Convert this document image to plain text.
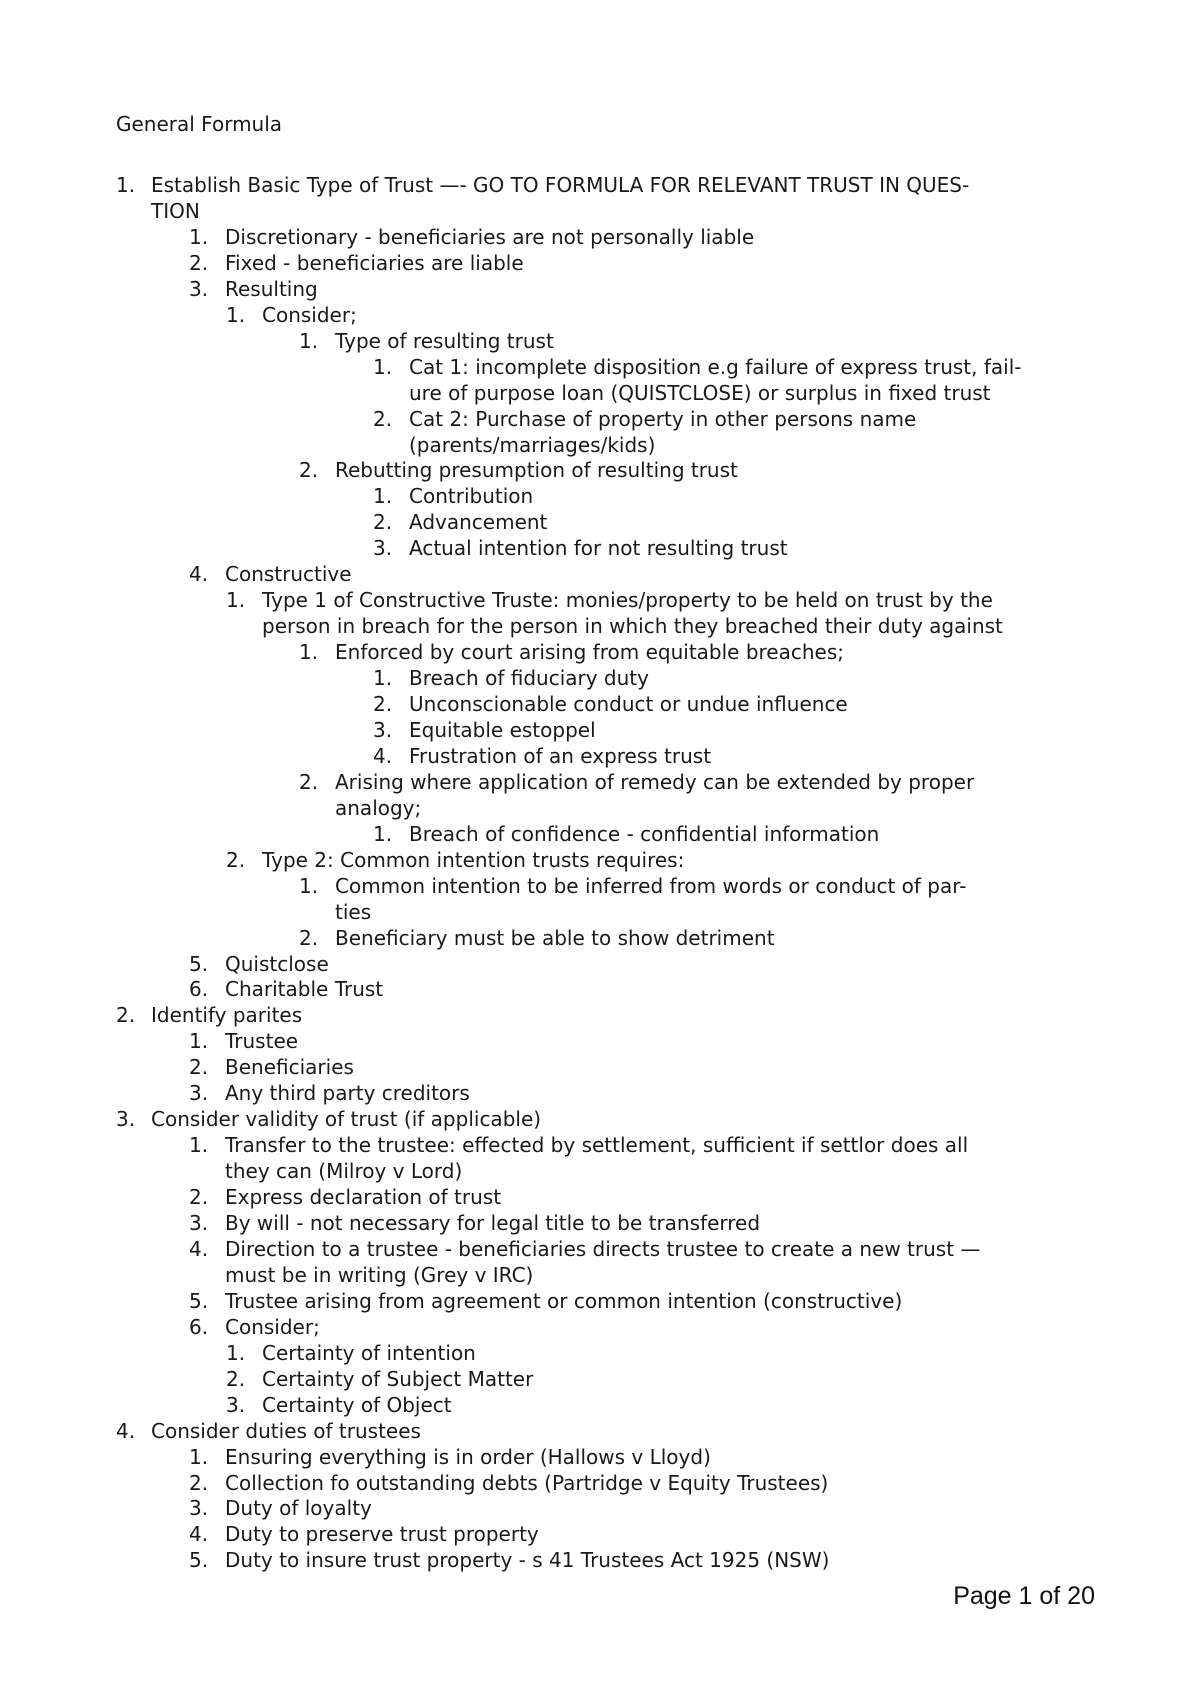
General Formula
1. Establish Basic Type of Trust —- GO TO FORMULA FOR RELEVANT TRUST IN QUES-
TION
1. Discretionary - beneficiaries are not personally liable
2. Fixed - beneficiaries are liable
3. Resulting
1. Consider;
1. Type of resulting trust
1. Cat 1: incomplete disposition e.g failure of express trust, fail-
ure of purpose loan (QUISTCLOSE) or surplus in fixed trust
2. Cat 2: Purchase of property in other persons name
(parents/marriages/kids)
2. Rebutting presumption of resulting trust
1. Contribution
2. Advancement
3. Actual intention for not resulting trust
4. Constructive
1. Type 1 of Constructive Truste: monies/property to be held on trust by the
person in breach for the person in which they breached their duty against
1. Enforced by court arising from equitable breaches;
1. Breach of fiduciary duty
2. Unconscionable conduct or undue influence
3. Equitable estoppel
4. Frustration of an express trust
2. Arising where application of remedy can be extended by proper
analogy;
1. Breach of confidence - confidential information
2. Type 2: Common intention trusts requires:
1. Common intention to be inferred from words or conduct of par-
ties
2. Beneficiary must be able to show detriment
5. Quistclose
6. Charitable Trust
2. Identify parites
1. Trustee
2. Beneficiaries
3. Any third party creditors
3. Consider validity of trust (if applicable)
1. Transfer to the trustee: effected by settlement, sufficient if settlor does all
they can (Milroy v Lord)
2. Express declaration of trust
3. By will - not necessary for legal title to be transferred
4. Direction to a trustee - beneficiaries directs trustee to create a new trust —
must be in writing (Grey v IRC)
5. Trustee arising from agreement or common intention (constructive)
6. Consider;
1. Certainty of intention
2. Certainty of Subject Matter
3. Certainty of Object
4. Consider duties of trustees
1. Ensuring everything is in order (Hallows v Lloyd)
2. Collection fo outstanding debts (Partridge v Equity Trustees)
3. Duty of loyalty
4. Duty to preserve trust property
5. Duty to insure trust property - s 41 Trustees Act 1925 (NSW)
Page 1 of 20
